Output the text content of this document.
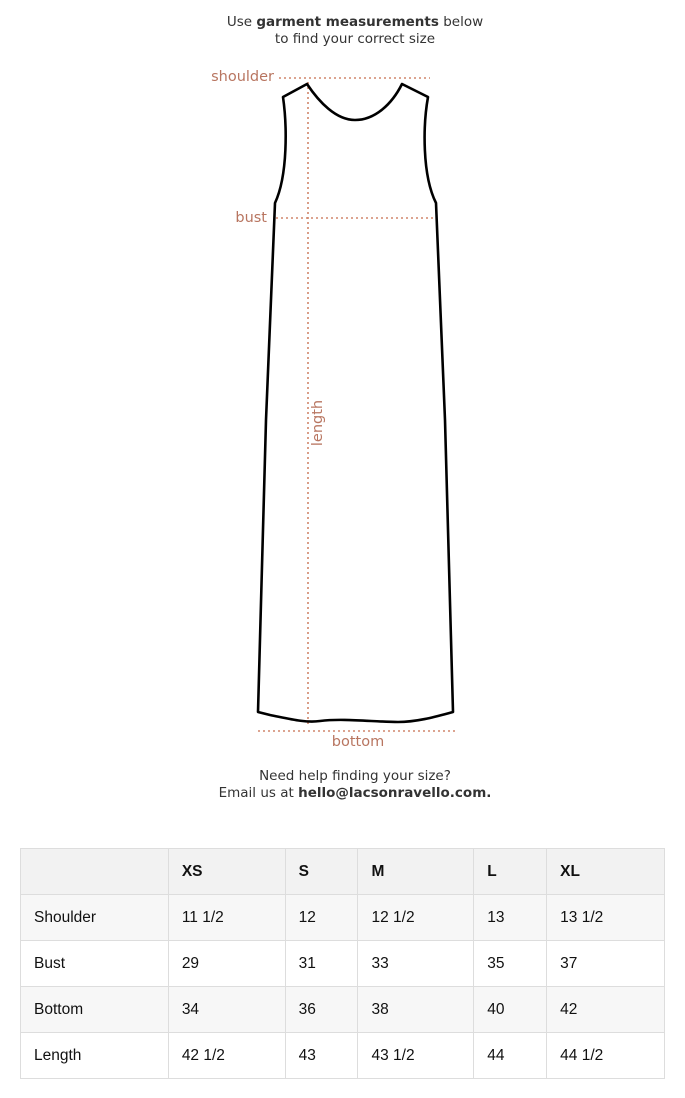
Use garment measurements below
to find your correct size
shoulder
bust
length
bottom
Need help finding your size?
Email us at hello@lacsonravello.com.
	XS	S	M	L	XL
Shoulder	11 1/2	12	12 1/2	13	13 1/2
Bust	29	31	33	35	37
Bottom	34	36	38	40	42
Length	42 1/2	43	43 1/2	44	44 1/2
